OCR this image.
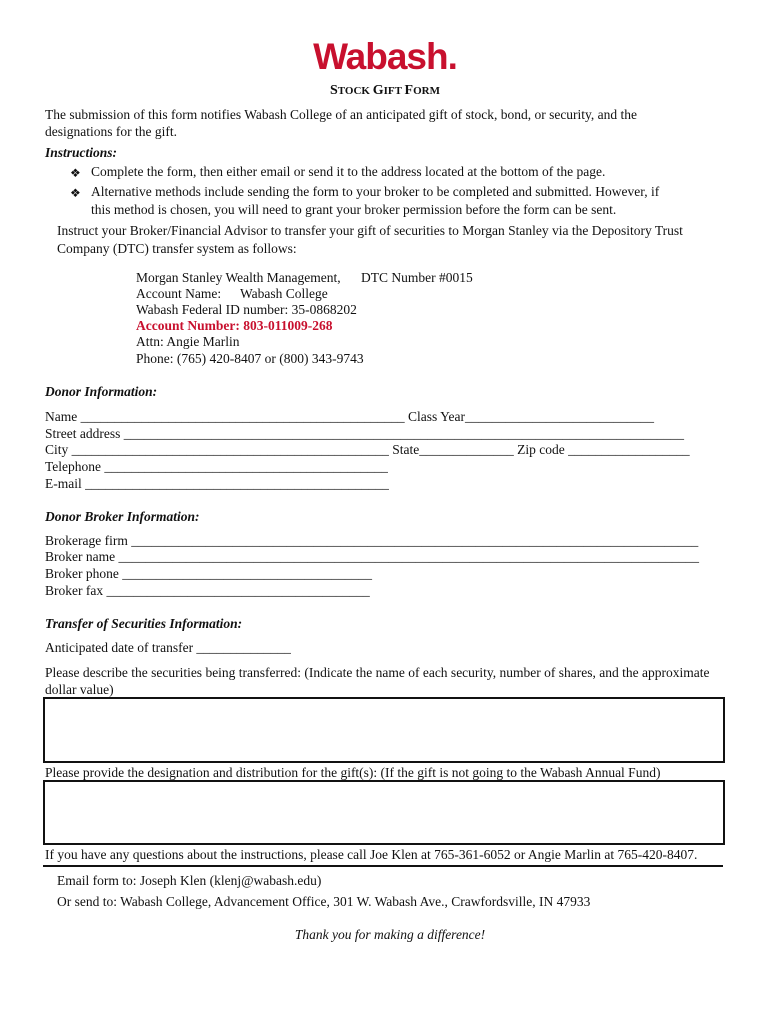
Wabash.
STOCK GIFT FORM
The submission of this form notifies Wabash College of an anticipated gift of stock, bond, or security, and the
designations for the gift.
Instructions:
❖ Complete the form, then either email or send it to the address located at the bottom of the page.
❖ Alternative methods include sending the form to your broker to be completed and submitted. However, if
this method is chosen, you will need to grant your broker permission before the form can be sent.
Instruct your Broker/Financial Advisor to transfer your gift of securities to Morgan Stanley via the Depository Trust
Company (DTC) transfer system as follows:
Morgan Stanley Wealth Management, DTC Number #0015
Account Name: Wabash College
Wabash Federal ID number: 35-0868202
Account Number: 803-011009-268
Attn: Angie Marlin
Phone: (765) 420-8407 or (800) 343-9743
Donor Information:
Name ________________________________________________ Class Year____________________________
Street address ___________________________________________________________________________________
City _______________________________________________ State______________ Zip code __________________
Telephone __________________________________________
E-mail _____________________________________________
Donor Broker Information:
Brokerage firm ____________________________________________________________________________________
Broker name ______________________________________________________________________________________
Broker phone _____________________________________
Broker fax _______________________________________
Transfer of Securities Information:
Anticipated date of transfer ______________
Please describe the securities being transferred: (Indicate the name of each security, number of shares, and the approximate
dollar value)
Please provide the designation and distribution for the gift(s): (If the gift is not going to the Wabash Annual Fund)
If you have any questions about the instructions, please call Joe Klen at 765-361-6052 or Angie Marlin at 765-420-8407.
Email form to: Joseph Klen (klenj@wabash.edu)
Or send to: Wabash College, Advancement Office, 301 W. Wabash Ave., Crawfordsville, IN 47933
Thank you for making a difference!
